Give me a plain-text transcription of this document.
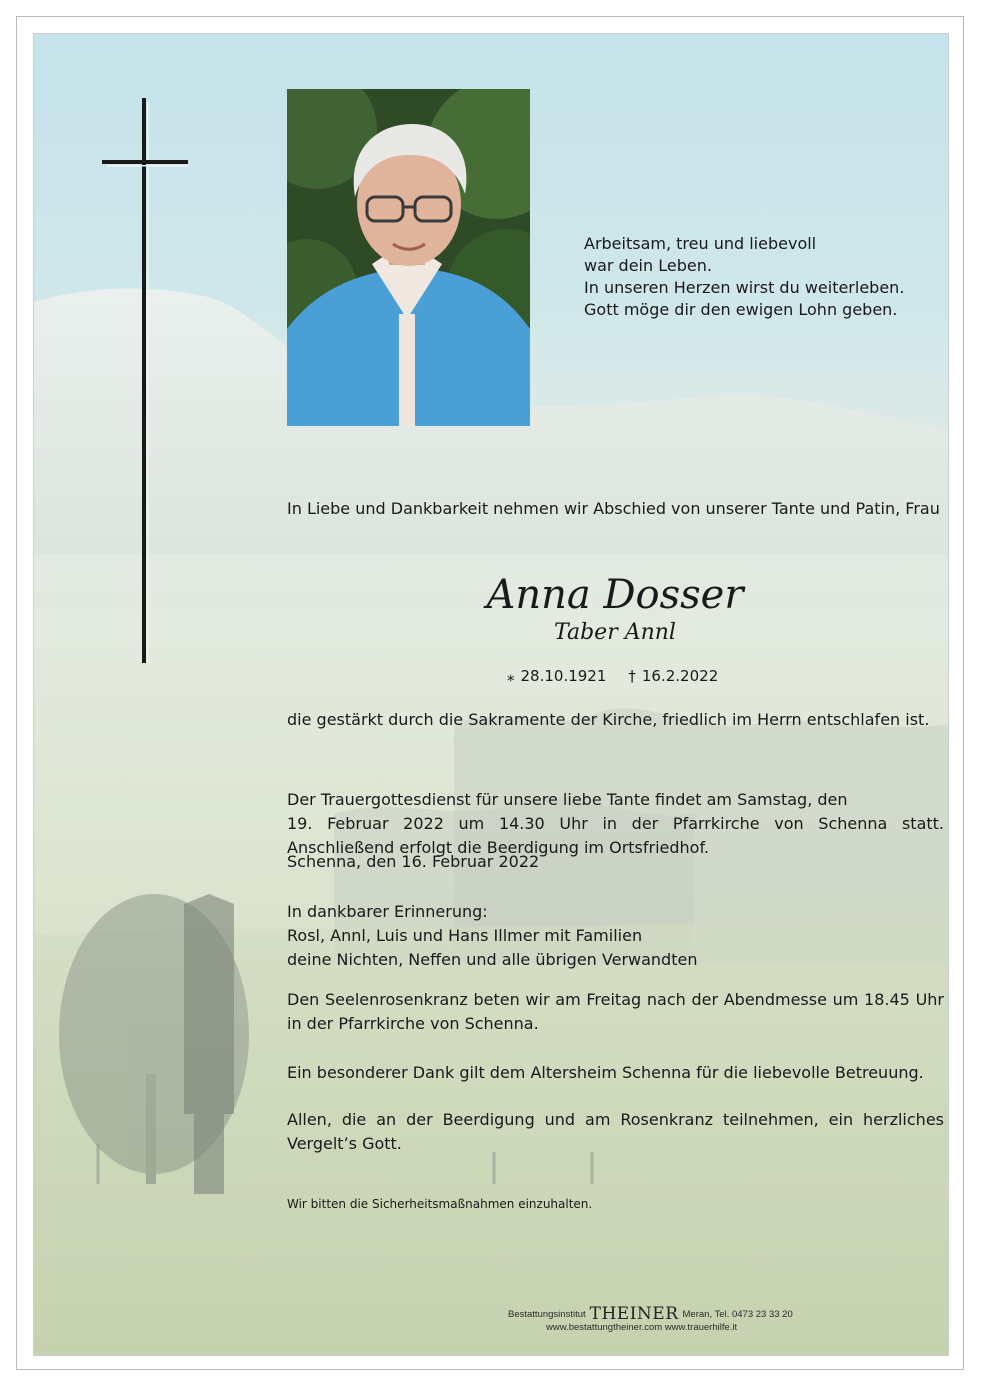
Arbeitsam, treu und liebevoll
war dein Leben.
In unseren Herzen wirst du weiterleben.
Gott möge dir den ewigen Lohn geben.
In Liebe und Dankbarkeit nehmen wir Abschied von unserer Tante und Patin, Frau
Anna Dosser
Taber Annl
⁎ 28.10.1921 † 16.2.2022
die gestärkt durch die Sakramente der Kirche, friedlich im Herrn entschlafen ist.
Der Trauergottesdienst für unsere liebe Tante findet am Samstag, den
19. Februar 2022 um 14.30 Uhr in der Pfarrkirche von Schenna statt.
Anschließend erfolgt die Beerdigung im Ortsfriedhof.
Schenna, den 16. Februar 2022
In dankbarer Erinnerung:
Rosl, Annl, Luis und Hans Illmer mit Familien
deine Nichten, Neffen und alle übrigen Verwandten
Den Seelenrosenkranz beten wir am Freitag nach der Abendmesse um 18.45 Uhr
in der Pfarrkirche von Schenna.
Ein besonderer Dank gilt dem Altersheim Schenna für die liebevolle Betreuung.
Allen, die an der Beerdigung und am Rosenkranz teilnehmen, ein herzliches
Vergelt’s Gott.
Wir bitten die Sicherheitsmaßnahmen einzuhalten.
Bestattungsinstitut THEINER Meran, Tel. 0473 23 33 20
www.bestattungtheiner.com www.trauerhilfe.it
